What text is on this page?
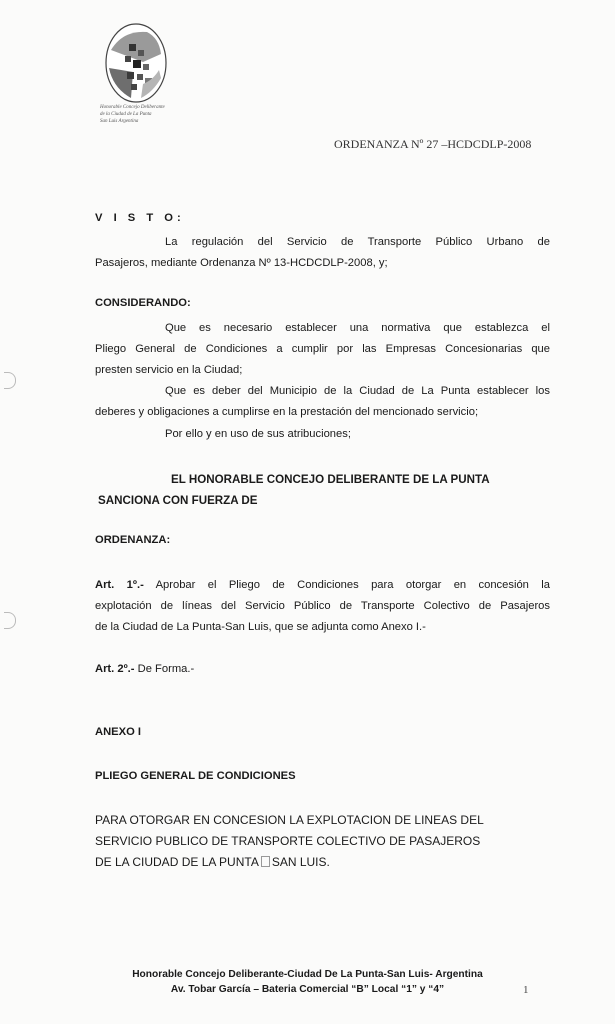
Honorable Concejo Deliberante
de la Ciudad de La Punta
San Luis Argentina
ORDENANZA Nº 27 –HCDCDLP-2008
V I S T O:
La regulación del Servicio de Transporte Público Urbano de
Pasajeros, mediante Ordenanza Nº 13-HCDCDLP-2008, y;
CONSIDERANDO:
Que es necesario establecer una normativa que establezca el
Pliego General de Condiciones a cumplir por las Empresas Concesionarias que
presten servicio en la Ciudad;
Que es deber del Municipio de la Ciudad de La Punta establecer los
deberes y obligaciones a cumplirse en la prestación del mencionado servicio;
Por ello y en uso de sus atribuciones;
EL HONORABLE CONCEJO DELIBERANTE DE LA PUNTA
SANCIONA CON FUERZA DE
ORDENANZA:
Art. 1º.- Aprobar el Pliego de Condiciones para otorgar en concesión la
explotación de líneas del Servicio Público de Transporte Colectivo de Pasajeros
de la Ciudad de La Punta-San Luis, que se adjunta como Anexo I.-
Art. 2º.- De Forma.-
ANEXO I
PLIEGO GENERAL DE CONDICIONES
PARA OTORGAR EN CONCESION LA EXPLOTACION DE LINEAS DEL
SERVICIO PUBLICO DE TRANSPORTE COLECTIVO DE PASAJEROS
DE LA CIUDAD DE LA PUNTA SAN LUIS.
Honorable Concejo Deliberante-Ciudad De La Punta-San Luis- Argentina
Av. Tobar García – Bateria Comercial “B” Local “1” y “4”	1
